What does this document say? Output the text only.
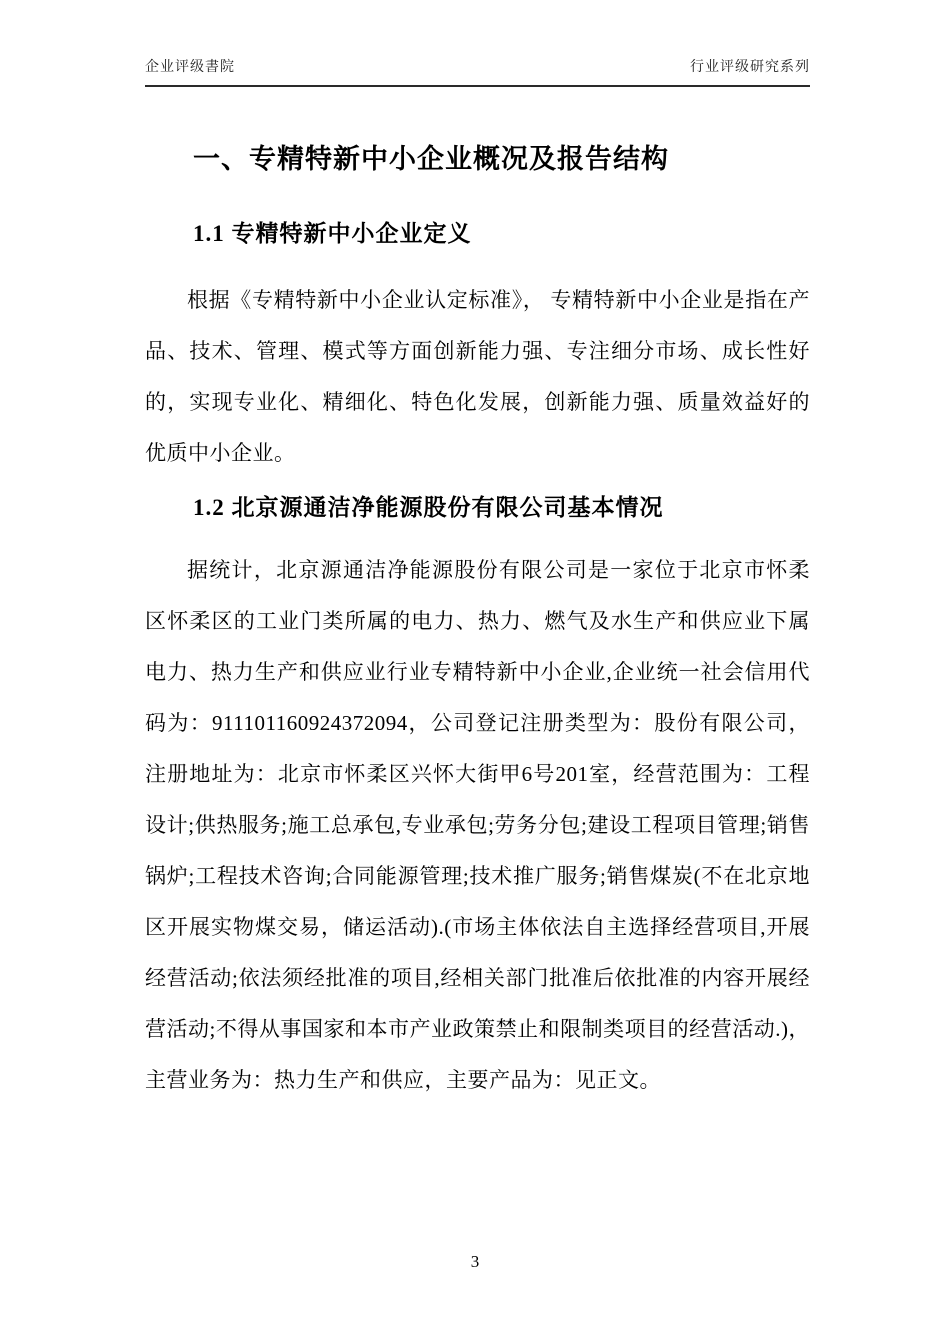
企业评级書院	行业评级研究系列
一、专精特新中小企业概况及报告结构
1.1 专精特新中小企业定义

根据《专精特新中小企业认定标准》， 专精特新中小企业是指在产品、技术、管理、模式等方面创新能力强、专注细分市场、成长性好的，实现专业化、精细化、特色化发展，创新能力强、质量效益好的优质中小企业。

1.2 北京源通洁净能源股份有限公司基本情况

据统计，北京源通洁净能源股份有限公司是一家位于北京市怀柔区怀柔区的工业门类所属的电力、热力、燃气及水生产和供应业下属电力、热力生产和供应业行业专精特新中小企业,企业统一社会信用代码为：911101160924372094，公司登记注册类型为：股份有限公司，注册地址为：北京市怀柔区兴怀大街甲6号201室，经营范围为：工程设计;供热服务;施工总承包,专业承包;劳务分包;建设工程项目管理;销售锅炉;工程技术咨询;合同能源管理;技术推广服务;销售煤炭(不在北京地区开展实物煤交易，储运活动).(市场主体依法自主选择经营项目,开展经营活动;依法须经批准的项目,经相关部门批准后依批准的内容开展经营活动;不得从事国家和本市产业政策禁止和限制类项目的经营活动.)， 主营业务为：热力生产和供应，主要产品为：见正文。

3
